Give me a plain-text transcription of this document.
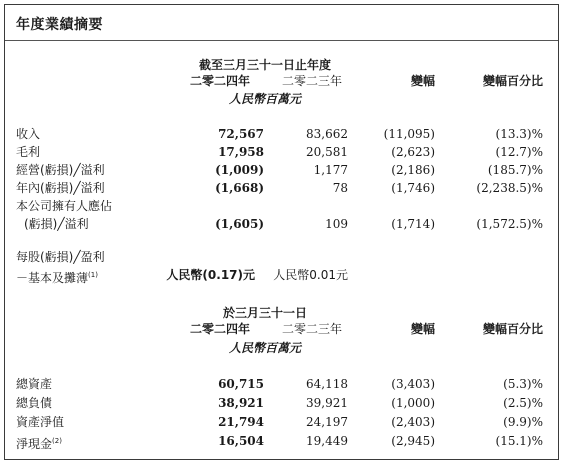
年度業績摘要
截至三月三十一日止年度
二零二四年	二零二三年	變幅	變幅百分比
人民幣百萬元
收入	72,567	83,662	(11,095)	(13.3)%
毛利	17,958	20,581	(2,623)	(12.7)%
經營(虧損)╱溢利	(1,009)	1,177	(2,186)	(185.7)%
年內(虧損)╱溢利	(1,668)	78	(1,746)	(2,238.5)%
本公司擁有人應佔
(虧損)╱溢利	(1,605)	109	(1,714)	(1,572.5)%
每股(虧損)╱盈利
－基本及攤薄$^{(1)}$	人民幣(0.17)元 人民幣0.01元
於三月三十一日
二零二四年	二零二三年	變幅	變幅百分比
人民幣百萬元
總資產	60,715	64,118	(3,403)	(5.3)%
總負債	38,921	39,921	(1,000)	(2.5)%
資產淨值	21,794	24,197	(2,403)	(9.9)%
淨現金$^{(2)}$	16,504	19,449	(2,945)	(15.1)%
